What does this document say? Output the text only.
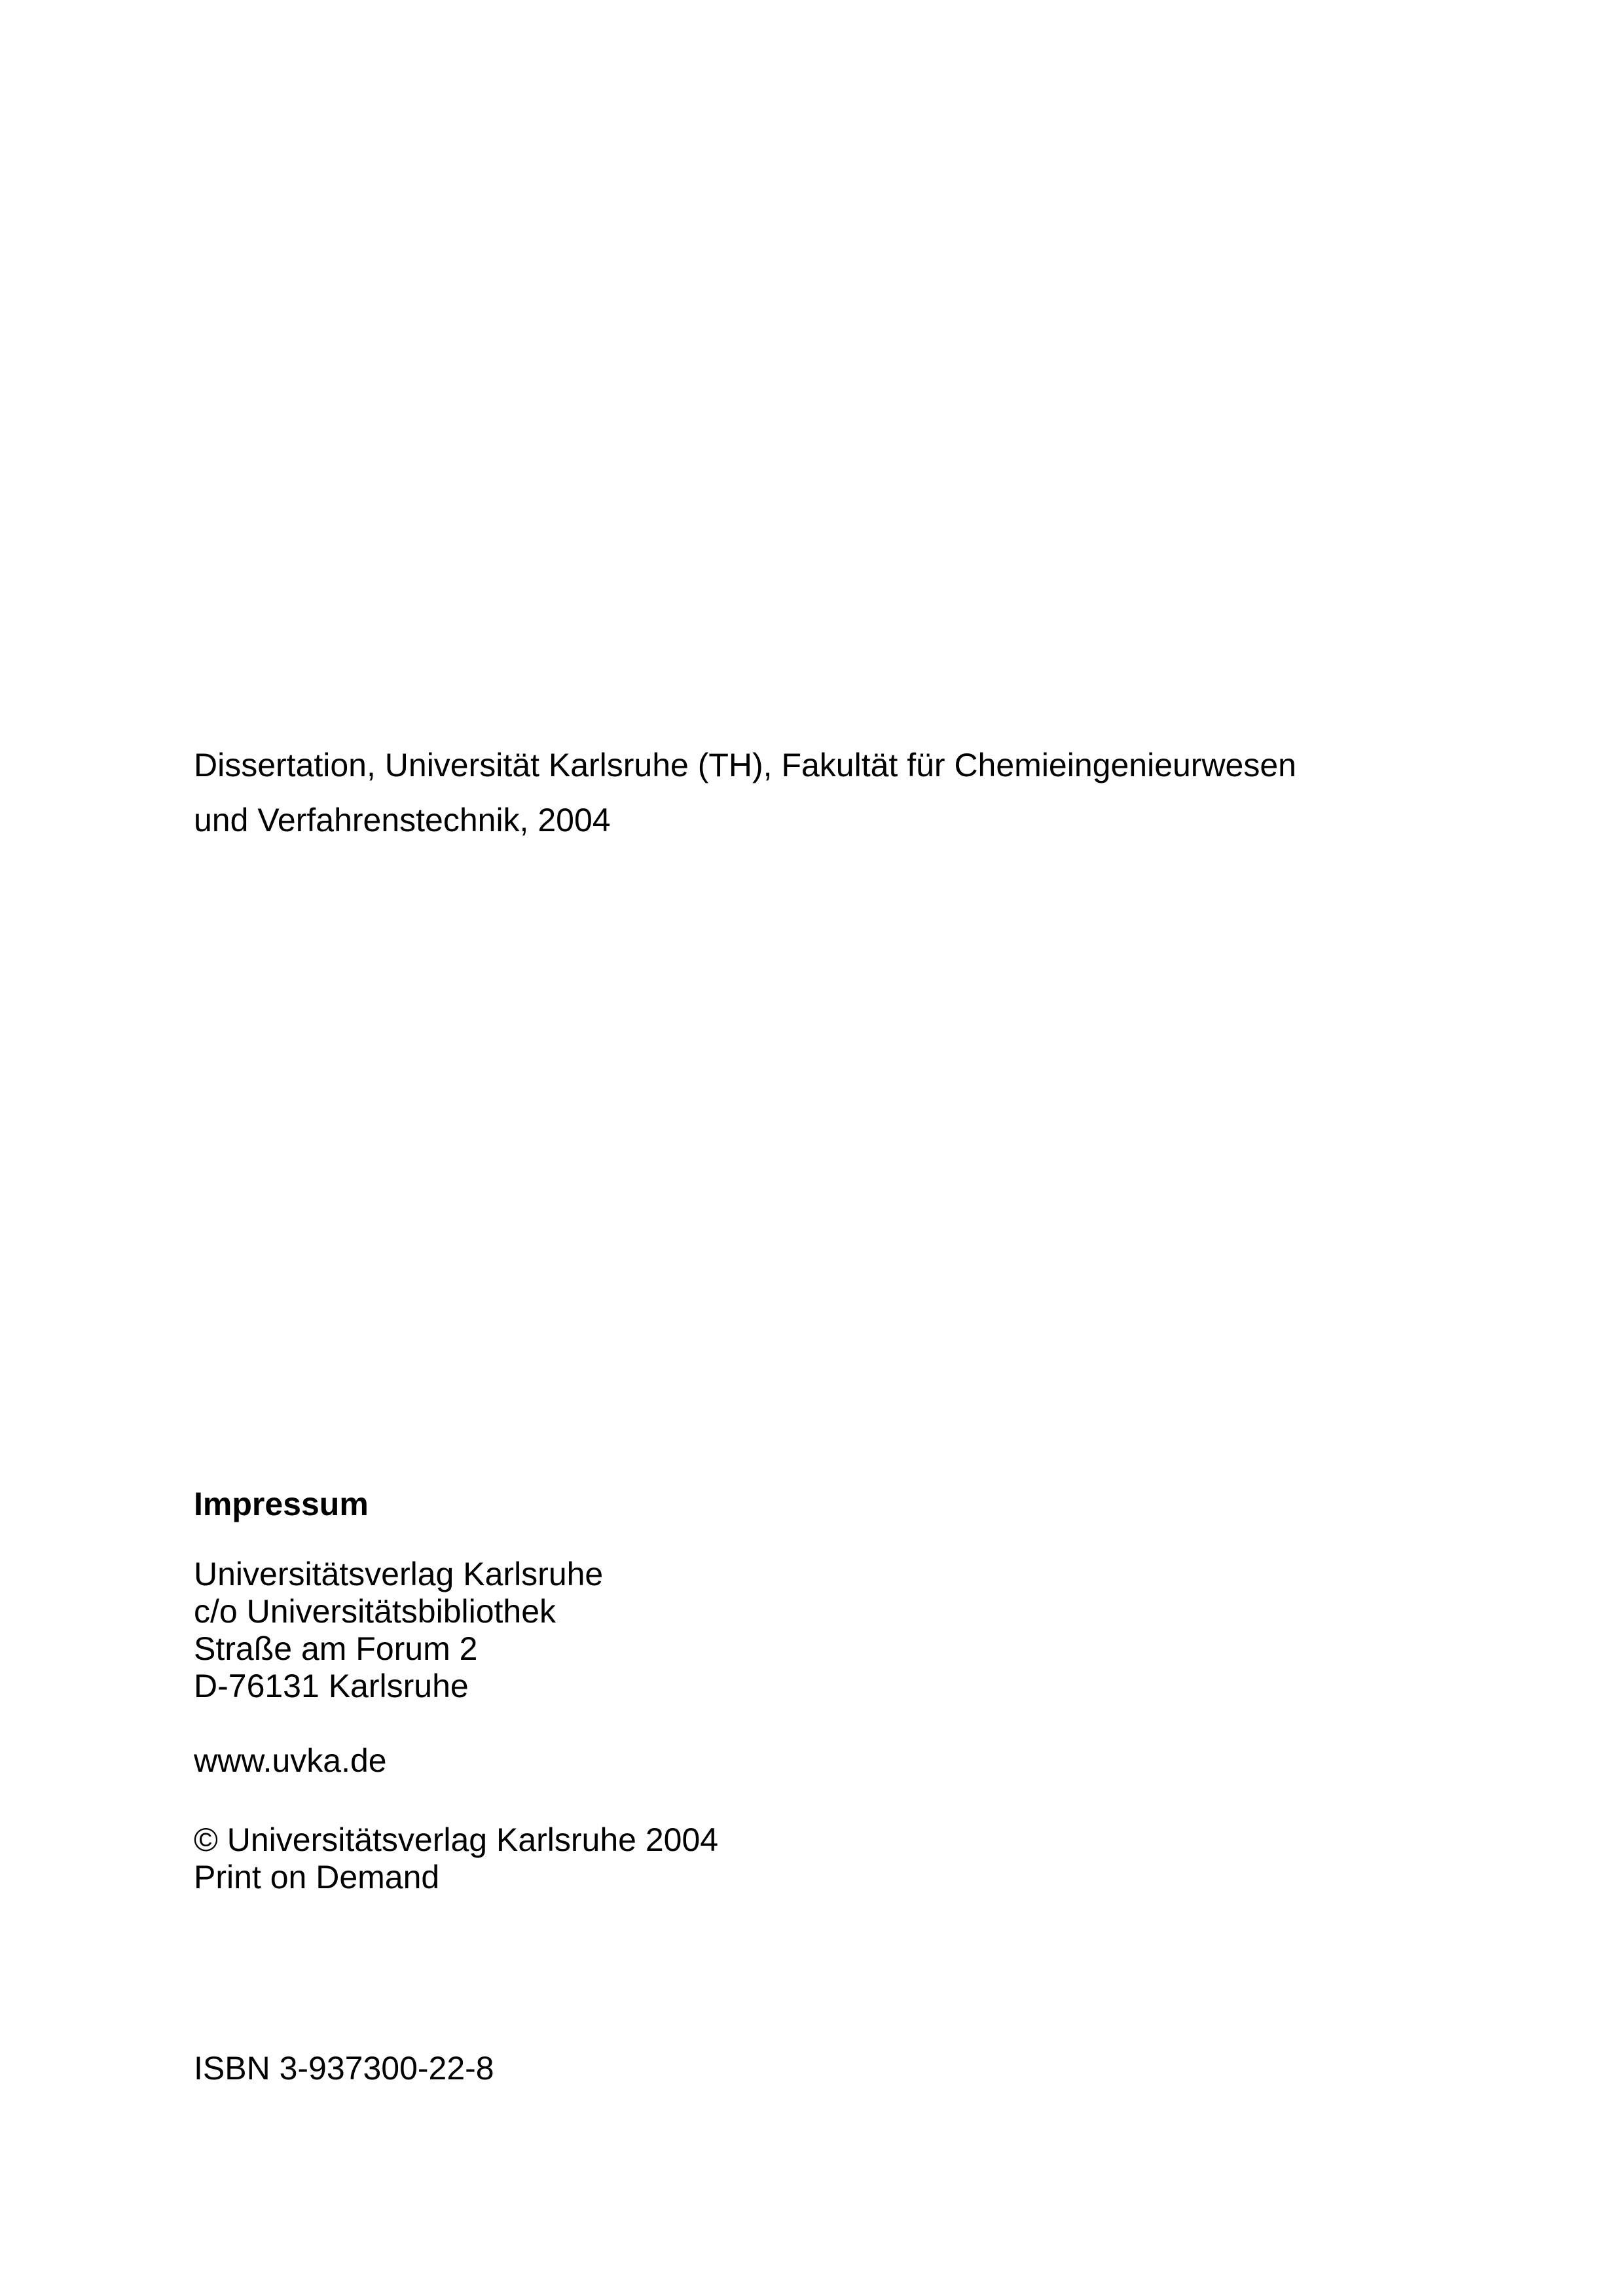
Dissertation, Universität Karlsruhe (TH), Fakultät für Chemieingenieurwesen
und Verfahrenstechnik, 2004
Impressum
Universitätsverlag Karlsruhe
c/o Universitätsbibliothek
Straße am Forum 2
D-76131 Karlsruhe
www.uvka.de
© Universitätsverlag Karlsruhe 2004
Print on Demand
ISBN 3-937300-22-8
